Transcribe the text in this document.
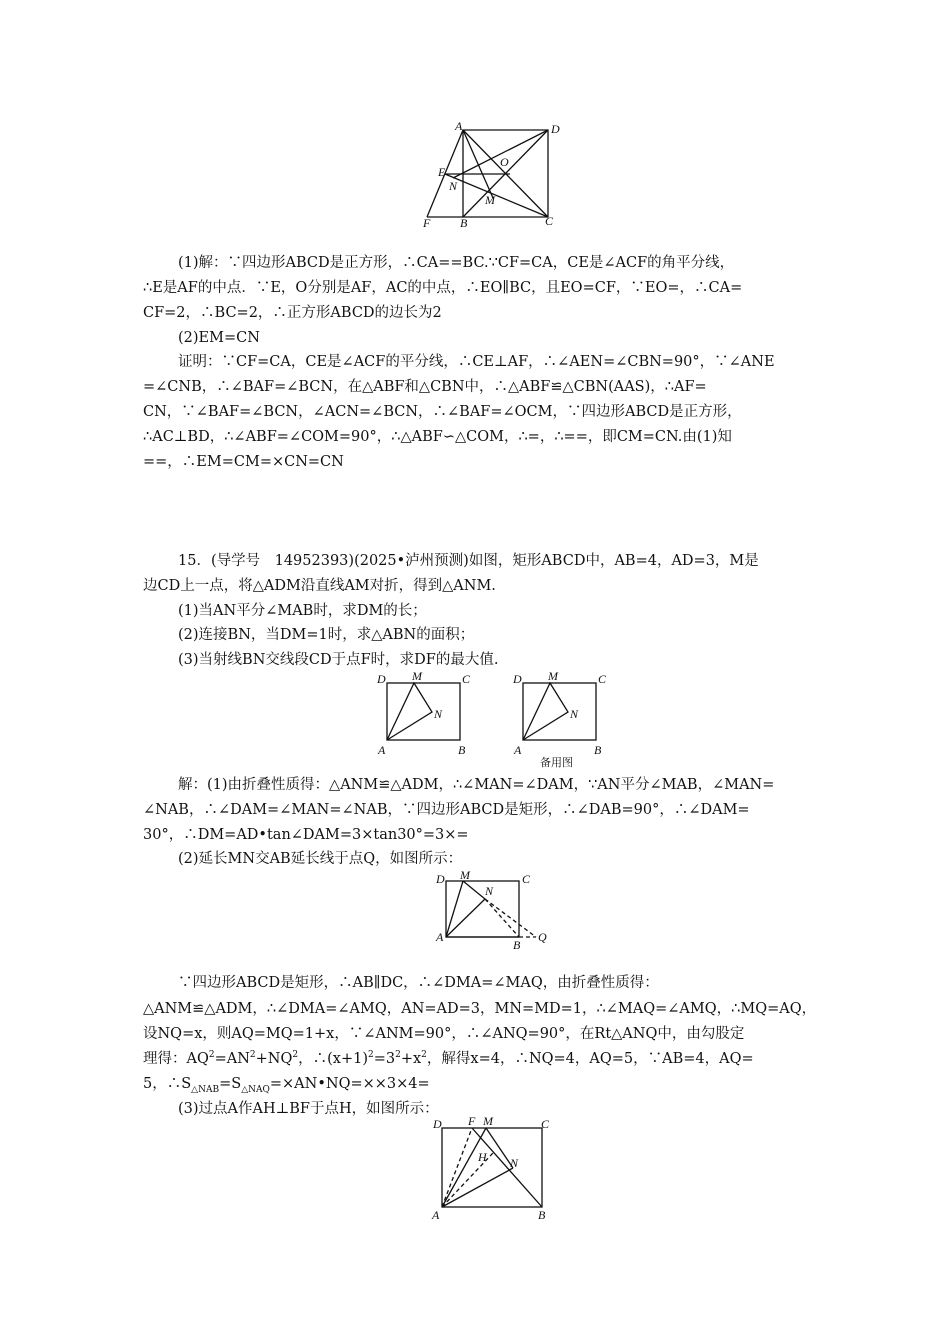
A	D
E
N
O
M
F B	C
(1)解：∵四边形ABCD是正方形，∴CA==BC.∵CF=CA，CE是∠ACF的角平分线，
∴E是AF的中点．∵E，O分别是AF，AC的中点，∴EO∥BC，且EO=CF，∵EO=，∴CA=
CF=2，∴BC=2，∴正方形ABCD的边长为2
(2)EM=CN
证明：∵CF=CA，CE是∠ACF的平分线，∴CE⊥AF，∴∠AEN=∠CBN=90°，∵∠ANE
=∠CNB，∴∠BAF=∠BCN，在△ABF和△CBN中，∴△ABF≌△CBN(AAS)，∴AF=
CN，∵∠BAF=∠BCN，∠ACN=∠BCN，∴∠BAF=∠OCM，∵四边形ABCD是正方形，
∴AC⊥BD，∴∠ABF=∠COM=90°，∴△ABF∽△COM，∴=，∴==，即CM=CN.由(1)知
==，∴EM=CM=×CN=CN
15．(导学号　14952393)(2025•泸州预测)如图，矩形ABCD中，AB=4，AD=3，M是
边CD上一点，将△ADM沿直线AM对折，得到△ANM.
(1)当AN平分∠MAB时，求DM的长；
(2)连接BN，当DM=1时，求△ABN的面积；
(3)当射线BN交线段CD于点F时，求DF的最大值.
D M	C
N
A	B
D M	C
N
A	B
备用图
解：(1)由折叠性质得：△ANM≌△ADM，∴∠MAN=∠DAM，∵AN平分∠MAB，∠MAN=
∠NAB，∴∠DAM=∠MAN=∠NAB，∵四边形ABCD是矩形，∴∠DAB=90°，∴∠DAM=
30°，∴DM=AD•tan∠DAM=3×tan30°=3×=
(2)延长MN交AB延长线于点Q，如图所示：
D M
N
C
A
B
Q
∵四边形ABCD是矩形，∴AB∥DC，∴∠DMA=∠MAQ，由折叠性质得：
△ANM≌△ADM，∴∠DMA=∠AMQ，AN=AD=3，MN=MD=1，∴∠MAQ=∠AMQ，∴MQ=AQ，
设NQ=x，则AQ=MQ=1+x，∵∠ANM=90°，∴∠ANQ=90°，在Rt△ANQ中，由勾股定
理得：$AQ^2=AN^2+NQ^2$，$\therefore(x+1)^2=3^2+x^2$，解得x=4，∴NQ=4，AQ=5，∵AB=4，AQ=
5，$\therefore S_{\triangle NAB}=S_{\triangle NAQ}=\times AN•NQ=\times\times 3\times 4=$
(3)过点A作AH⊥BF于点H，如图所示：
D F M	C
H N
A	B
